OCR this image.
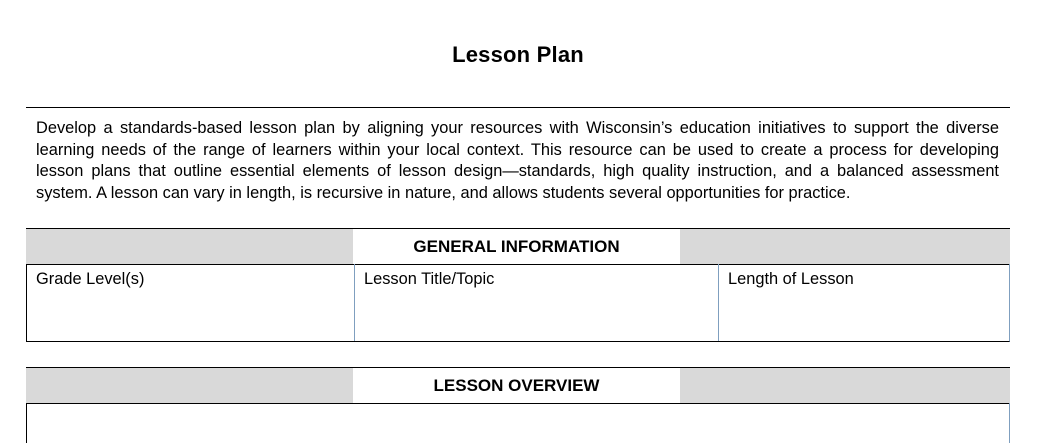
Lesson Plan

Develop a standards-based lesson plan by aligning your resources with Wisconsin’s education initiatives to support the diverse learning needs of the range of learners within your local context. This resource can be used to create a process for developing lesson plans that outline essential elements of lesson design—standards, high quality instruction, and a balanced assessment system. A lesson can vary in length, is recursive in nature, and allows students several opportunities for practice.

GENERAL INFORMATION
Grade Level(s)	Lesson Title/Topic	Length of Lesson
LESSON OVERVIEW
